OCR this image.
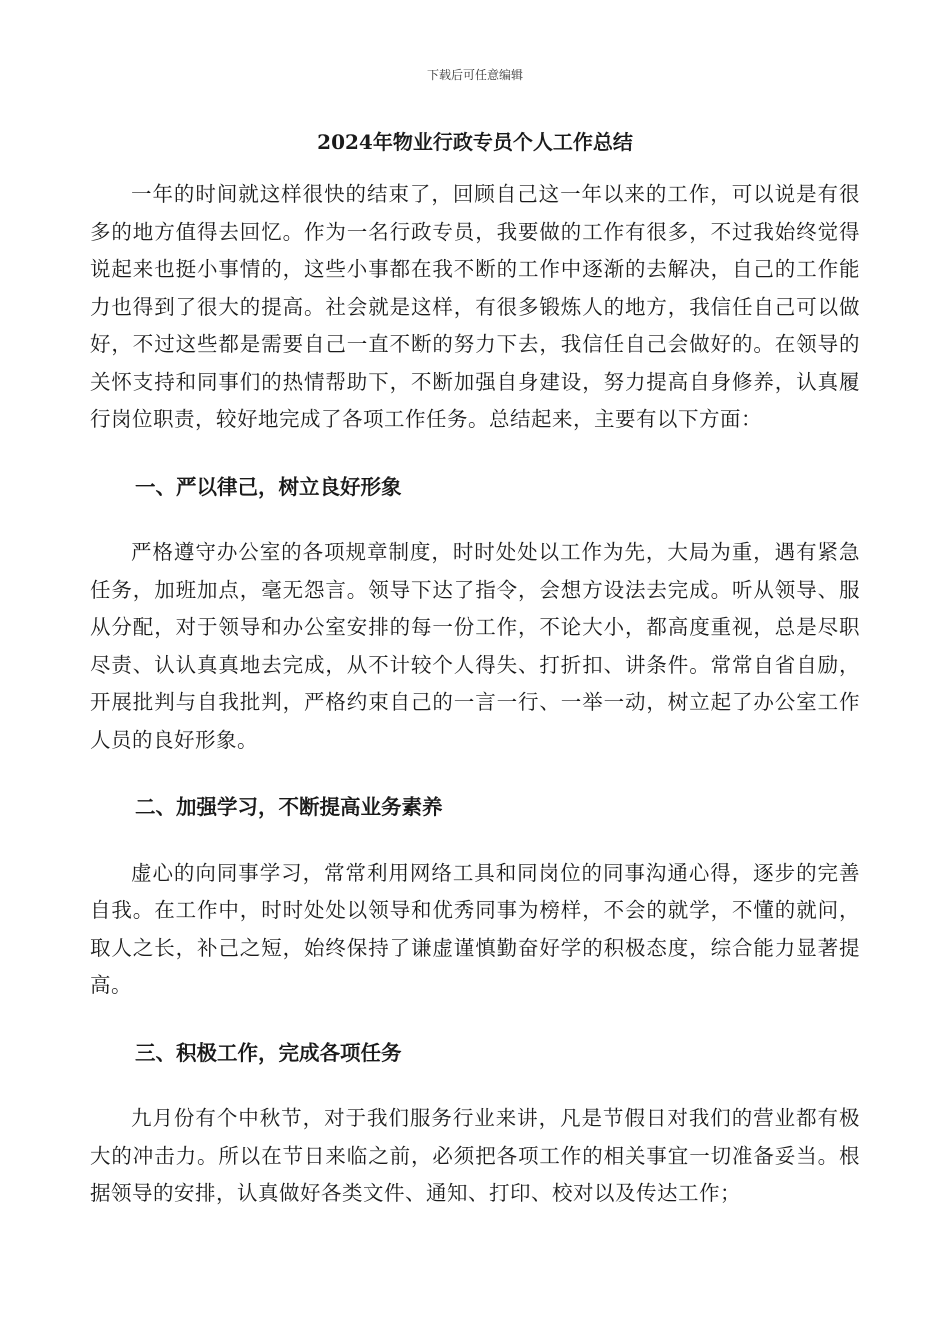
下载后可任意编辑
2024年物业行政专员个人工作总结

一年的时间就这样很快的结束了，回顾自己这一年以来的工作，可以说是有很多的地方值得去回忆。作为一名行政专员，我要做的工作有很多，不过我始终觉得说起来也挺小事情的，这些小事都在我不断的工作中逐渐的去解决，自己的工作能力也得到了很大的提高。社会就是这样，有很多锻炼人的地方，我信任自己可以做好，不过这些都是需要自己一直不断的努力下去，我信任自己会做好的。在领导的关怀支持和同事们的热情帮助下，不断加强自身建设，努力提高自身修养，认真履行岗位职责，较好地完成了各项工作任务。总结起来，主要有以下方面：

一、严以律己，树立良好形象

严格遵守办公室的各项规章制度，时时处处以工作为先，大局为重，遇有紧急任务，加班加点，毫无怨言。领导下达了指令，会想方设法去完成。听从领导、服从分配，对于领导和办公室安排的每一份工作，不论大小，都高度重视，总是尽职尽责、认认真真地去完成，从不计较个人得失、打折扣、讲条件。常常自省自励，开展批判与自我批判，严格约束自己的一言一行、一举一动，树立起了办公室工作人员的良好形象。

二、加强学习，不断提高业务素养

虚心的向同事学习，常常利用网络工具和同岗位的同事沟通心得，逐步的完善自我。在工作中，时时处处以领导和优秀同事为榜样，不会的就学，不懂的就问，取人之长，补己之短，始终保持了谦虚谨慎勤奋好学的积极态度，综合能力显著提高。

三、积极工作，完成各项任务

九月份有个中秋节，对于我们服务行业来讲，凡是节假日对我们的营业都有极大的冲击力。所以在节日来临之前，必须把各项工作的相关事宜一切准备妥当。根据领导的安排，认真做好各类文件、通知、打印、校对以及传达工作；
